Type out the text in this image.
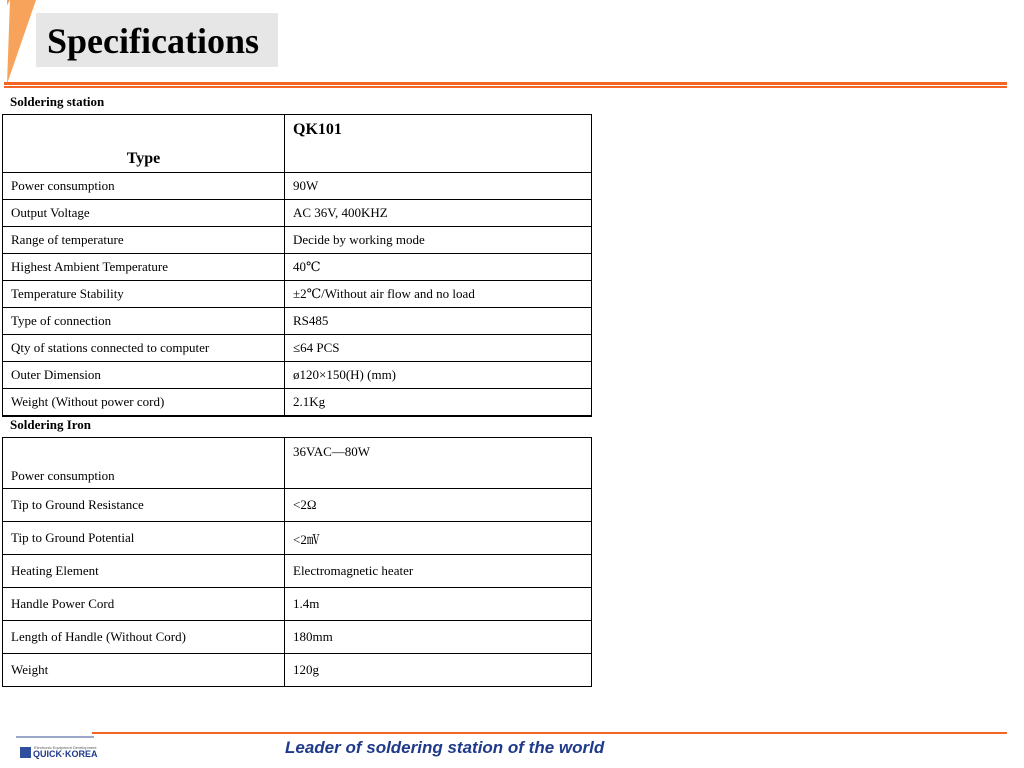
Specifications
Soldering station
Type	QK101
Power consumption	90W
Output Voltage	AC 36V, 400KHZ
Range of temperature	Decide by working mode
Highest Ambient Temperature	40℃
Temperature Stability	±2℃/Without air flow and no load
Type of connection	RS485
Qty of stations connected to computer	≤64 PCS
Outer Dimension	ø120×150(H) (mm)
Weight (Without power cord)	2.1Kg
Soldering Iron
Power consumption	36VAC—80W
Tip to Ground Resistance	<2Ω
Tip to Ground Potential	<2㎷
Heating Element	Electromagnetic heater
Handle Power Cord	1.4m
Length of Handle (Without Cord)	180mm
Weight	120g
Electronic Equipment Development
QUICK·KOREA	Leader of soldering station of the world
